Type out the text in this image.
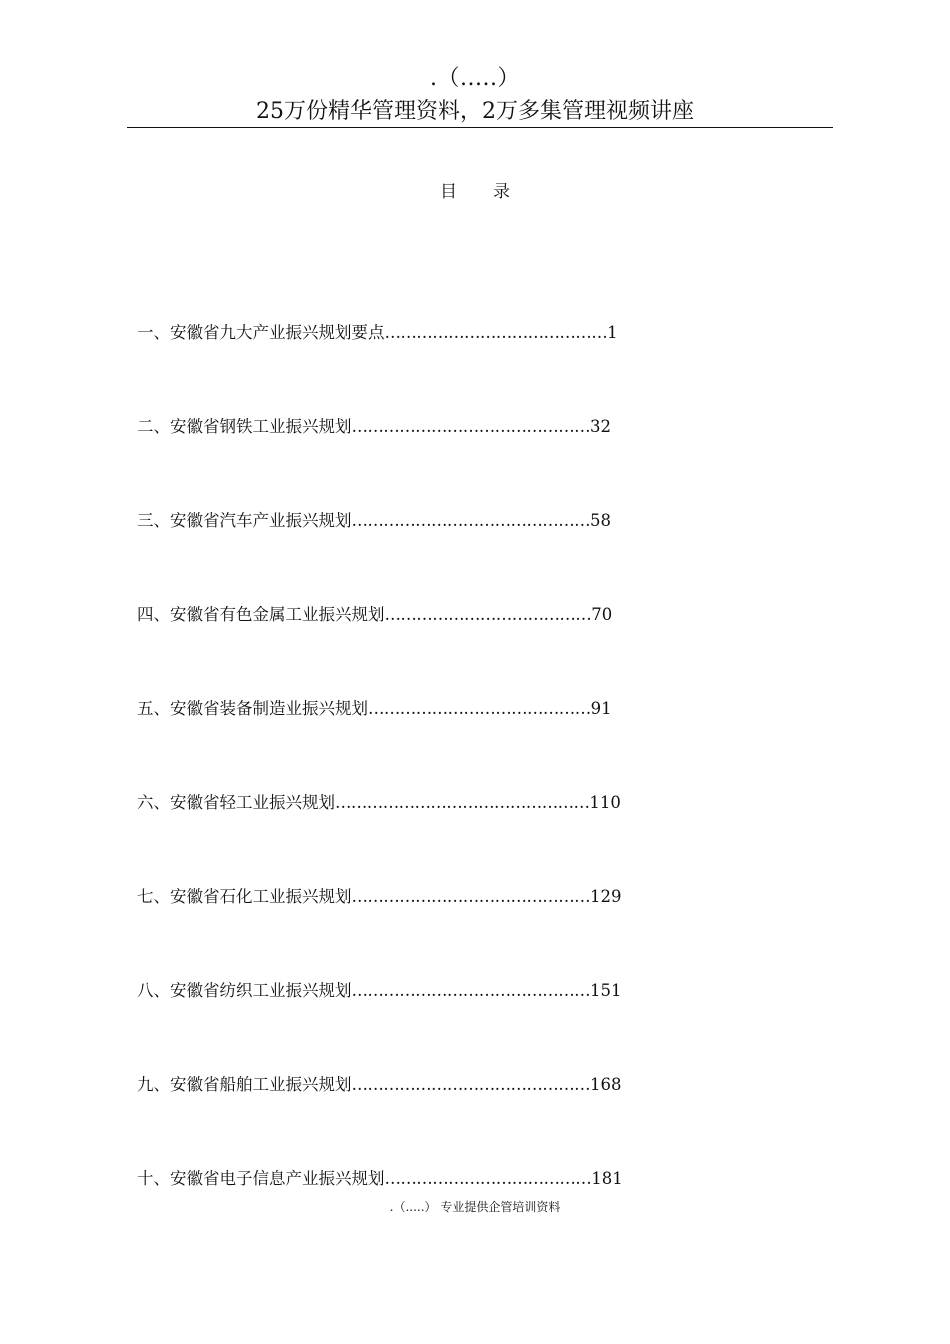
.（.....）
25万份精华管理资料，2万多集管理视频讲座
目录
一、 安徽省九大产业振兴规划要点 …………………………………… 1
二、 安徽省钢铁工业振兴规划 ……………………………………… 32
三、 安徽省汽车产业振兴规划 ……………………………………… 58
四、 安徽省有色金属工业振兴规划 ………………………………… 70
五、 安徽省装备制造业振兴规划 …………………………………… 91
六、 安徽省轻工业振兴规划 ………………………………………… 110
七、 安徽省石化工业振兴规划 ……………………………………… 129
八、 安徽省纺织工业振兴规划 ……………………………………… 151
九、 安徽省船舶工业振兴规划 ……………………………………… 168
十、 安徽省电子信息产业振兴规划 ………………………………… 181
.（.....） 专业提供企管培训资料
